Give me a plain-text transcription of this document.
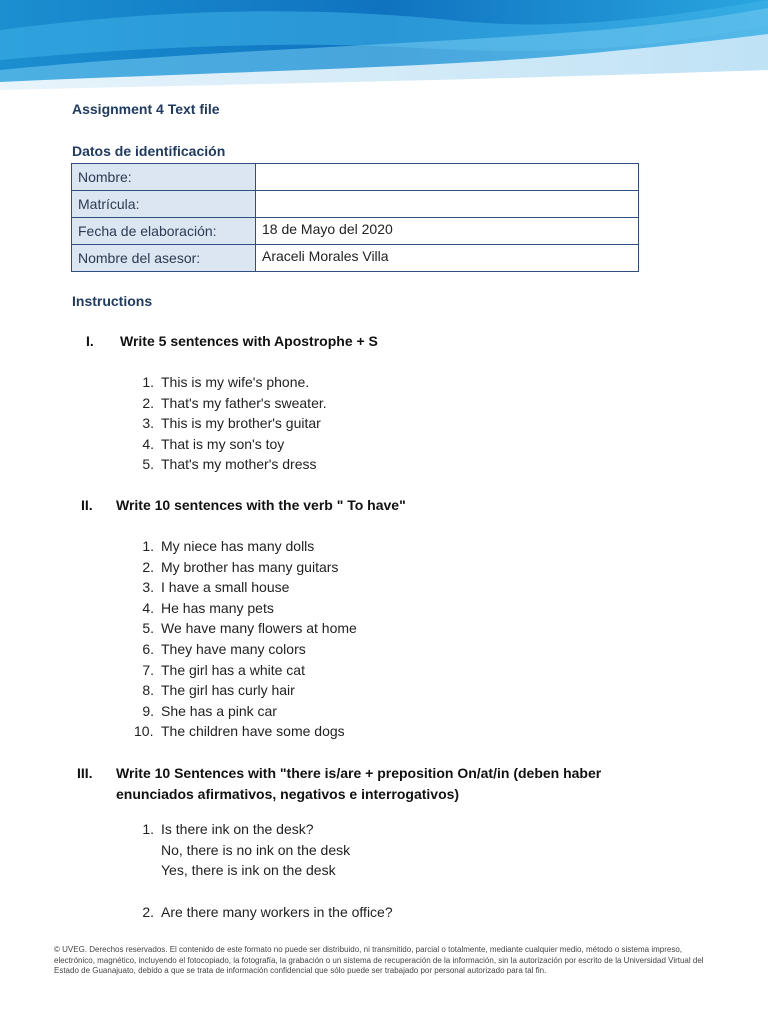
Assignment 4 Text file
Datos de identificación
Nombre:	
Matrícula:	
Fecha de elaboración:	18 de Mayo del 2020
Nombre del asesor:	Araceli Morales Villa
Instructions
I. Write 5 sentences with Apostrophe + S
1. This is my wife's phone.
2. That's my father's sweater.
3. This is my brother's guitar
4. That is my son's toy
5. That's my mother's dress
II. Write 10 sentences with the verb " To have"
1. My niece has many dolls
2. My brother has many guitars
3. I have a small house
4. He has many pets
5. We have many flowers at home
6. They have many colors
7. The girl has a white cat
8. The girl has curly hair
9. She has a pink car
10. The children have some dogs
III. Write 10 Sentences with "there is/are + preposition On/at/in (deben haber
enunciados afirmativos, negativos e interrogativos)
1. Is there ink on the desk?
No, there is no ink on the desk
Yes, there is ink on the desk
2. Are there many workers in the office?
© UVEG. Derechos reservados. El contenido de este formato no puede ser distribuido, ni transmitido, parcial o totalmente, mediante cualquier medio, método o sistema impreso, electrónico, magnético, incluyendo el fotocopiado, la fotografía, la grabación o un sistema de recuperación de la información, sin la autorización por escrito de la Universidad Virtual del Estado de Guanajuato, debido a que se trata de información confidencial que sólo puede ser trabajado por personal autorizado para tal fin.
